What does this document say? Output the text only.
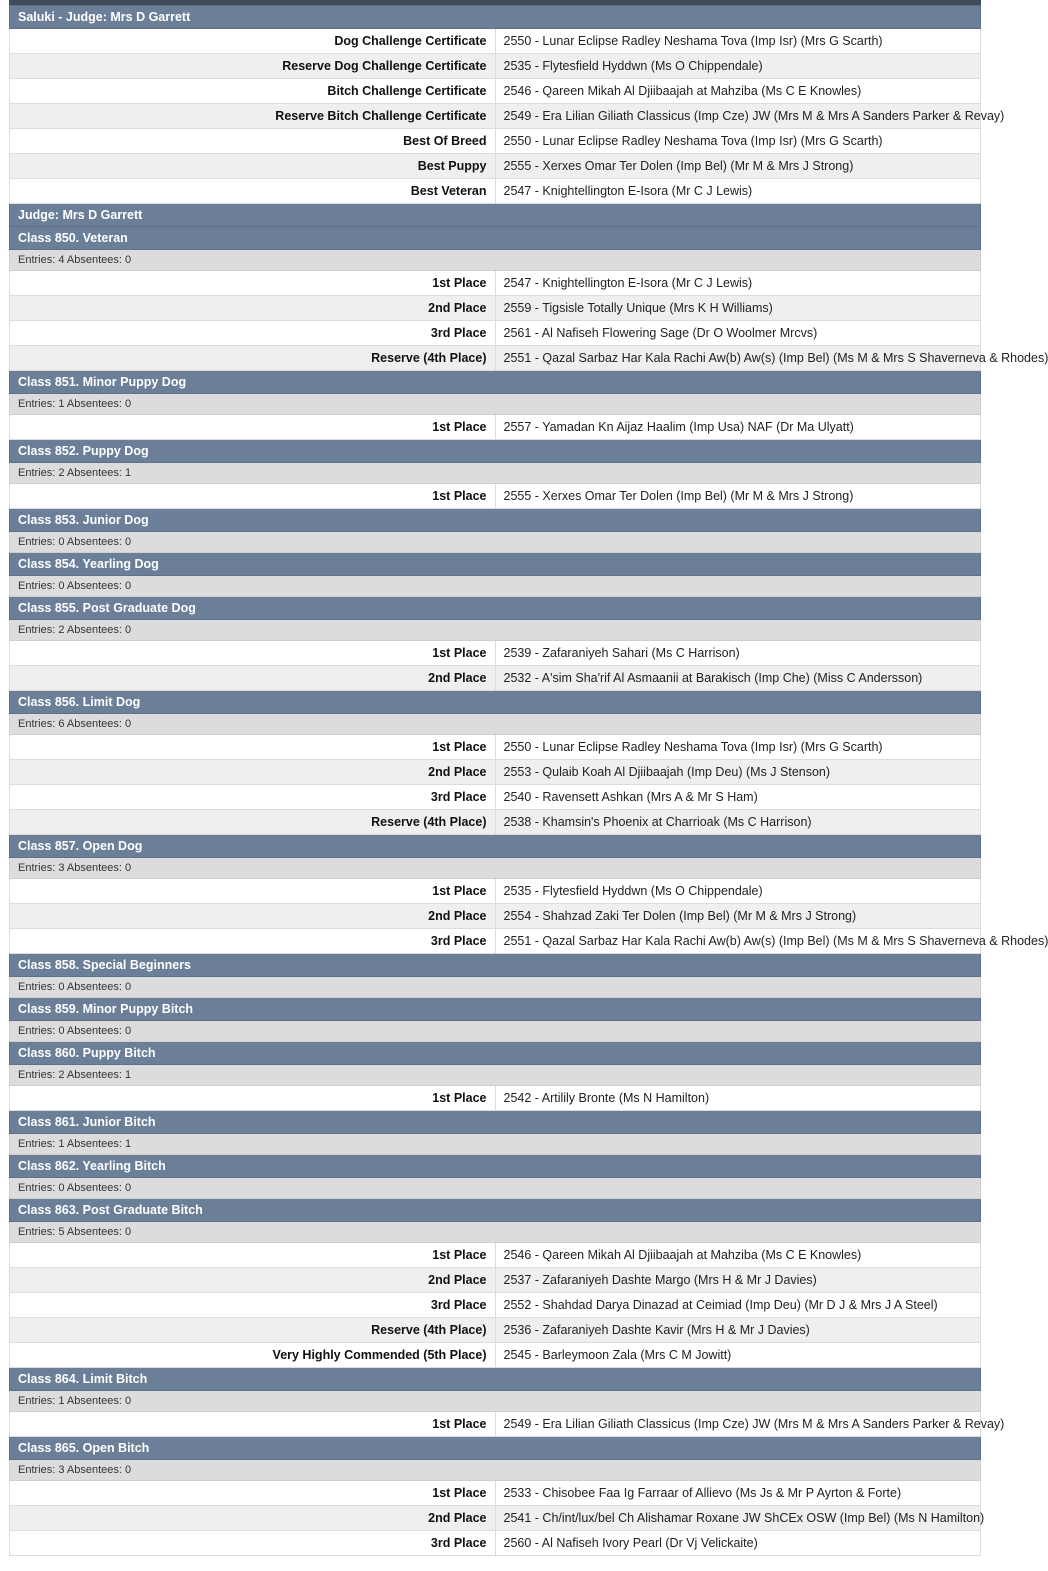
Saluki - Judge: Mrs D Garrett	
Dog Challenge Certificate	2550 - Lunar Eclipse Radley Neshama Tova (Imp Isr) (Mrs G Scarth)
Reserve Dog Challenge Certificate	2535 - Flytesfield Hyddwn (Ms O Chippendale)
Bitch Challenge Certificate	2546 - Qareen Mikah Al Djiibaajah at Mahziba (Ms C E Knowles)
Reserve Bitch Challenge Certificate	2549 - Era Lilian Giliath Classicus (Imp Cze) JW (Mrs M & Mrs A Sanders Parker & Revay)
Best Of Breed	2550 - Lunar Eclipse Radley Neshama Tova (Imp Isr) (Mrs G Scarth)
Best Puppy	2555 - Xerxes Omar Ter Dolen (Imp Bel) (Mr M & Mrs J Strong)
Best Veteran	2547 - Knightellington E-Isora (Mr C J Lewis)
Judge: Mrs D Garrett	
Class 850. Veteran	
Entries: 4 Absentees: 0	
1st Place	2547 - Knightellington E-Isora (Mr C J Lewis)
2nd Place	2559 - Tigsisle Totally Unique (Mrs K H Williams)
3rd Place	2561 - Al Nafiseh Flowering Sage (Dr O Woolmer Mrcvs)
Reserve (4th Place)	2551 - Qazal Sarbaz Har Kala Rachi Aw(b) Aw(s) (Imp Bel) (Ms M & Mrs S Shaverneva & Rhodes)
Class 851. Minor Puppy Dog	
Entries: 1 Absentees: 0	
1st Place	2557 - Yamadan Kn Aijaz Haalim (Imp Usa) NAF (Dr Ma Ulyatt)
Class 852. Puppy Dog	
Entries: 2 Absentees: 1	
1st Place	2555 - Xerxes Omar Ter Dolen (Imp Bel) (Mr M & Mrs J Strong)
Class 853. Junior Dog	
Entries: 0 Absentees: 0	
Class 854. Yearling Dog	
Entries: 0 Absentees: 0	
Class 855. Post Graduate Dog	
Entries: 2 Absentees: 0	
1st Place	2539 - Zafaraniyeh Sahari (Ms C Harrison)
2nd Place	2532 - A'sim Sha'rif Al Asmaanii at Barakisch (Imp Che) (Miss C Andersson)
Class 856. Limit Dog	
Entries: 6 Absentees: 0	
1st Place	2550 - Lunar Eclipse Radley Neshama Tova (Imp Isr) (Mrs G Scarth)
2nd Place	2553 - Qulaib Koah Al Djiibaajah (Imp Deu) (Ms J Stenson)
3rd Place	2540 - Ravensett Ashkan (Mrs A & Mr S Ham)
Reserve (4th Place)	2538 - Khamsin's Phoenix at Charrioak (Ms C Harrison)
Class 857. Open Dog	
Entries: 3 Absentees: 0	
1st Place	2535 - Flytesfield Hyddwn (Ms O Chippendale)
2nd Place	2554 - Shahzad Zaki Ter Dolen (Imp Bel) (Mr M & Mrs J Strong)
3rd Place	2551 - Qazal Sarbaz Har Kala Rachi Aw(b) Aw(s) (Imp Bel) (Ms M & Mrs S Shaverneva & Rhodes)
Class 858. Special Beginners	
Entries: 0 Absentees: 0	
Class 859. Minor Puppy Bitch	
Entries: 0 Absentees: 0	
Class 860. Puppy Bitch	
Entries: 2 Absentees: 1	
1st Place	2542 - Artilily Bronte (Ms N Hamilton)
Class 861. Junior Bitch	
Entries: 1 Absentees: 1	
Class 862. Yearling Bitch	
Entries: 0 Absentees: 0	
Class 863. Post Graduate Bitch	
Entries: 5 Absentees: 0	
1st Place	2546 - Qareen Mikah Al Djiibaajah at Mahziba (Ms C E Knowles)
2nd Place	2537 - Zafaraniyeh Dashte Margo (Mrs H & Mr J Davies)
3rd Place	2552 - Shahdad Darya Dinazad at Ceimiad (Imp Deu) (Mr D J & Mrs J A Steel)
Reserve (4th Place)	2536 - Zafaraniyeh Dashte Kavir (Mrs H & Mr J Davies)
Very Highly Commended (5th Place)	2545 - Barleymoon Zala (Mrs C M Jowitt)
Class 864. Limit Bitch	
Entries: 1 Absentees: 0	
1st Place	2549 - Era Lilian Giliath Classicus (Imp Cze) JW (Mrs M & Mrs A Sanders Parker & Revay)
Class 865. Open Bitch	
Entries: 3 Absentees: 0	
1st Place	2533 - Chisobee Faa Ig Farraar of Allievo (Ms Js & Mr P Ayrton & Forte)
2nd Place	2541 - Ch/int/lux/bel Ch Alishamar Roxane JW ShCEx OSW (Imp Bel) (Ms N Hamilton)
3rd Place	2560 - Al Nafiseh Ivory Pearl (Dr Vj Velickaite)
